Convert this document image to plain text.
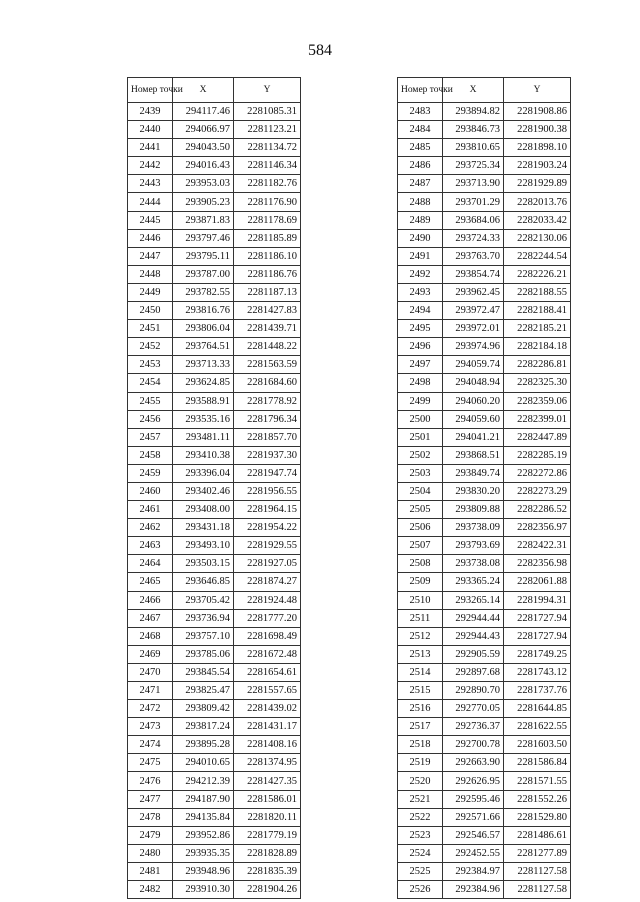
584
Номер точки	X	Y
2439	294117.46	2281085.31
2440	294066.97	2281123.21
2441	294043.50	2281134.72
2442	294016.43	2281146.34
2443	293953.03	2281182.76
2444	293905.23	2281176.90
2445	293871.83	2281178.69
2446	293797.46	2281185.89
2447	293795.11	2281186.10
2448	293787.00	2281186.76
2449	293782.55	2281187.13
2450	293816.76	2281427.83
2451	293806.04	2281439.71
2452	293764.51	2281448.22
2453	293713.33	2281563.59
2454	293624.85	2281684.60
2455	293588.91	2281778.92
2456	293535.16	2281796.34
2457	293481.11	2281857.70
2458	293410.38	2281937.30
2459	293396.04	2281947.74
2460	293402.46	2281956.55
2461	293408.00	2281964.15
2462	293431.18	2281954.22
2463	293493.10	2281929.55
2464	293503.15	2281927.05
2465	293646.85	2281874.27
2466	293705.42	2281924.48
2467	293736.94	2281777.20
2468	293757.10	2281698.49
2469	293785.06	2281672.48
2470	293845.54	2281654.61
2471	293825.47	2281557.65
2472	293809.42	2281439.02
2473	293817.24	2281431.17
2474	293895.28	2281408.16
2475	294010.65	2281374.95
2476	294212.39	2281427.35
2477	294187.90	2281586.01
2478	294135.84	2281820.11
2479	293952.86	2281779.19
2480	293935.35	2281828.89
2481	293948.96	2281835.39
2482	293910.30	2281904.26
Номер точки	X	Y
2483	293894.82	2281908.86
2484	293846.73	2281900.38
2485	293810.65	2281898.10
2486	293725.34	2281903.24
2487	293713.90	2281929.89
2488	293701.29	2282013.76
2489	293684.06	2282033.42
2490	293724.33	2282130.06
2491	293763.70	2282244.54
2492	293854.74	2282226.21
2493	293962.45	2282188.55
2494	293972.47	2282188.41
2495	293972.01	2282185.21
2496	293974.96	2282184.18
2497	294059.74	2282286.81
2498	294048.94	2282325.30
2499	294060.20	2282359.06
2500	294059.60	2282399.01
2501	294041.21	2282447.89
2502	293868.51	2282285.19
2503	293849.74	2282272.86
2504	293830.20	2282273.29
2505	293809.88	2282286.52
2506	293738.09	2282356.97
2507	293793.69	2282422.31
2508	293738.08	2282356.98
2509	293365.24	2282061.88
2510	293265.14	2281994.31
2511	292944.44	2281727.94
2512	292944.43	2281727.94
2513	292905.59	2281749.25
2514	292897.68	2281743.12
2515	292890.70	2281737.76
2516	292770.05	2281644.85
2517	292736.37	2281622.55
2518	292700.78	2281603.50
2519	292663.90	2281586.84
2520	292626.95	2281571.55
2521	292595.46	2281552.26
2522	292571.66	2281529.80
2523	292546.57	2281486.61
2524	292452.55	2281277.89
2525	292384.97	2281127.58
2526	292384.96	2281127.58
